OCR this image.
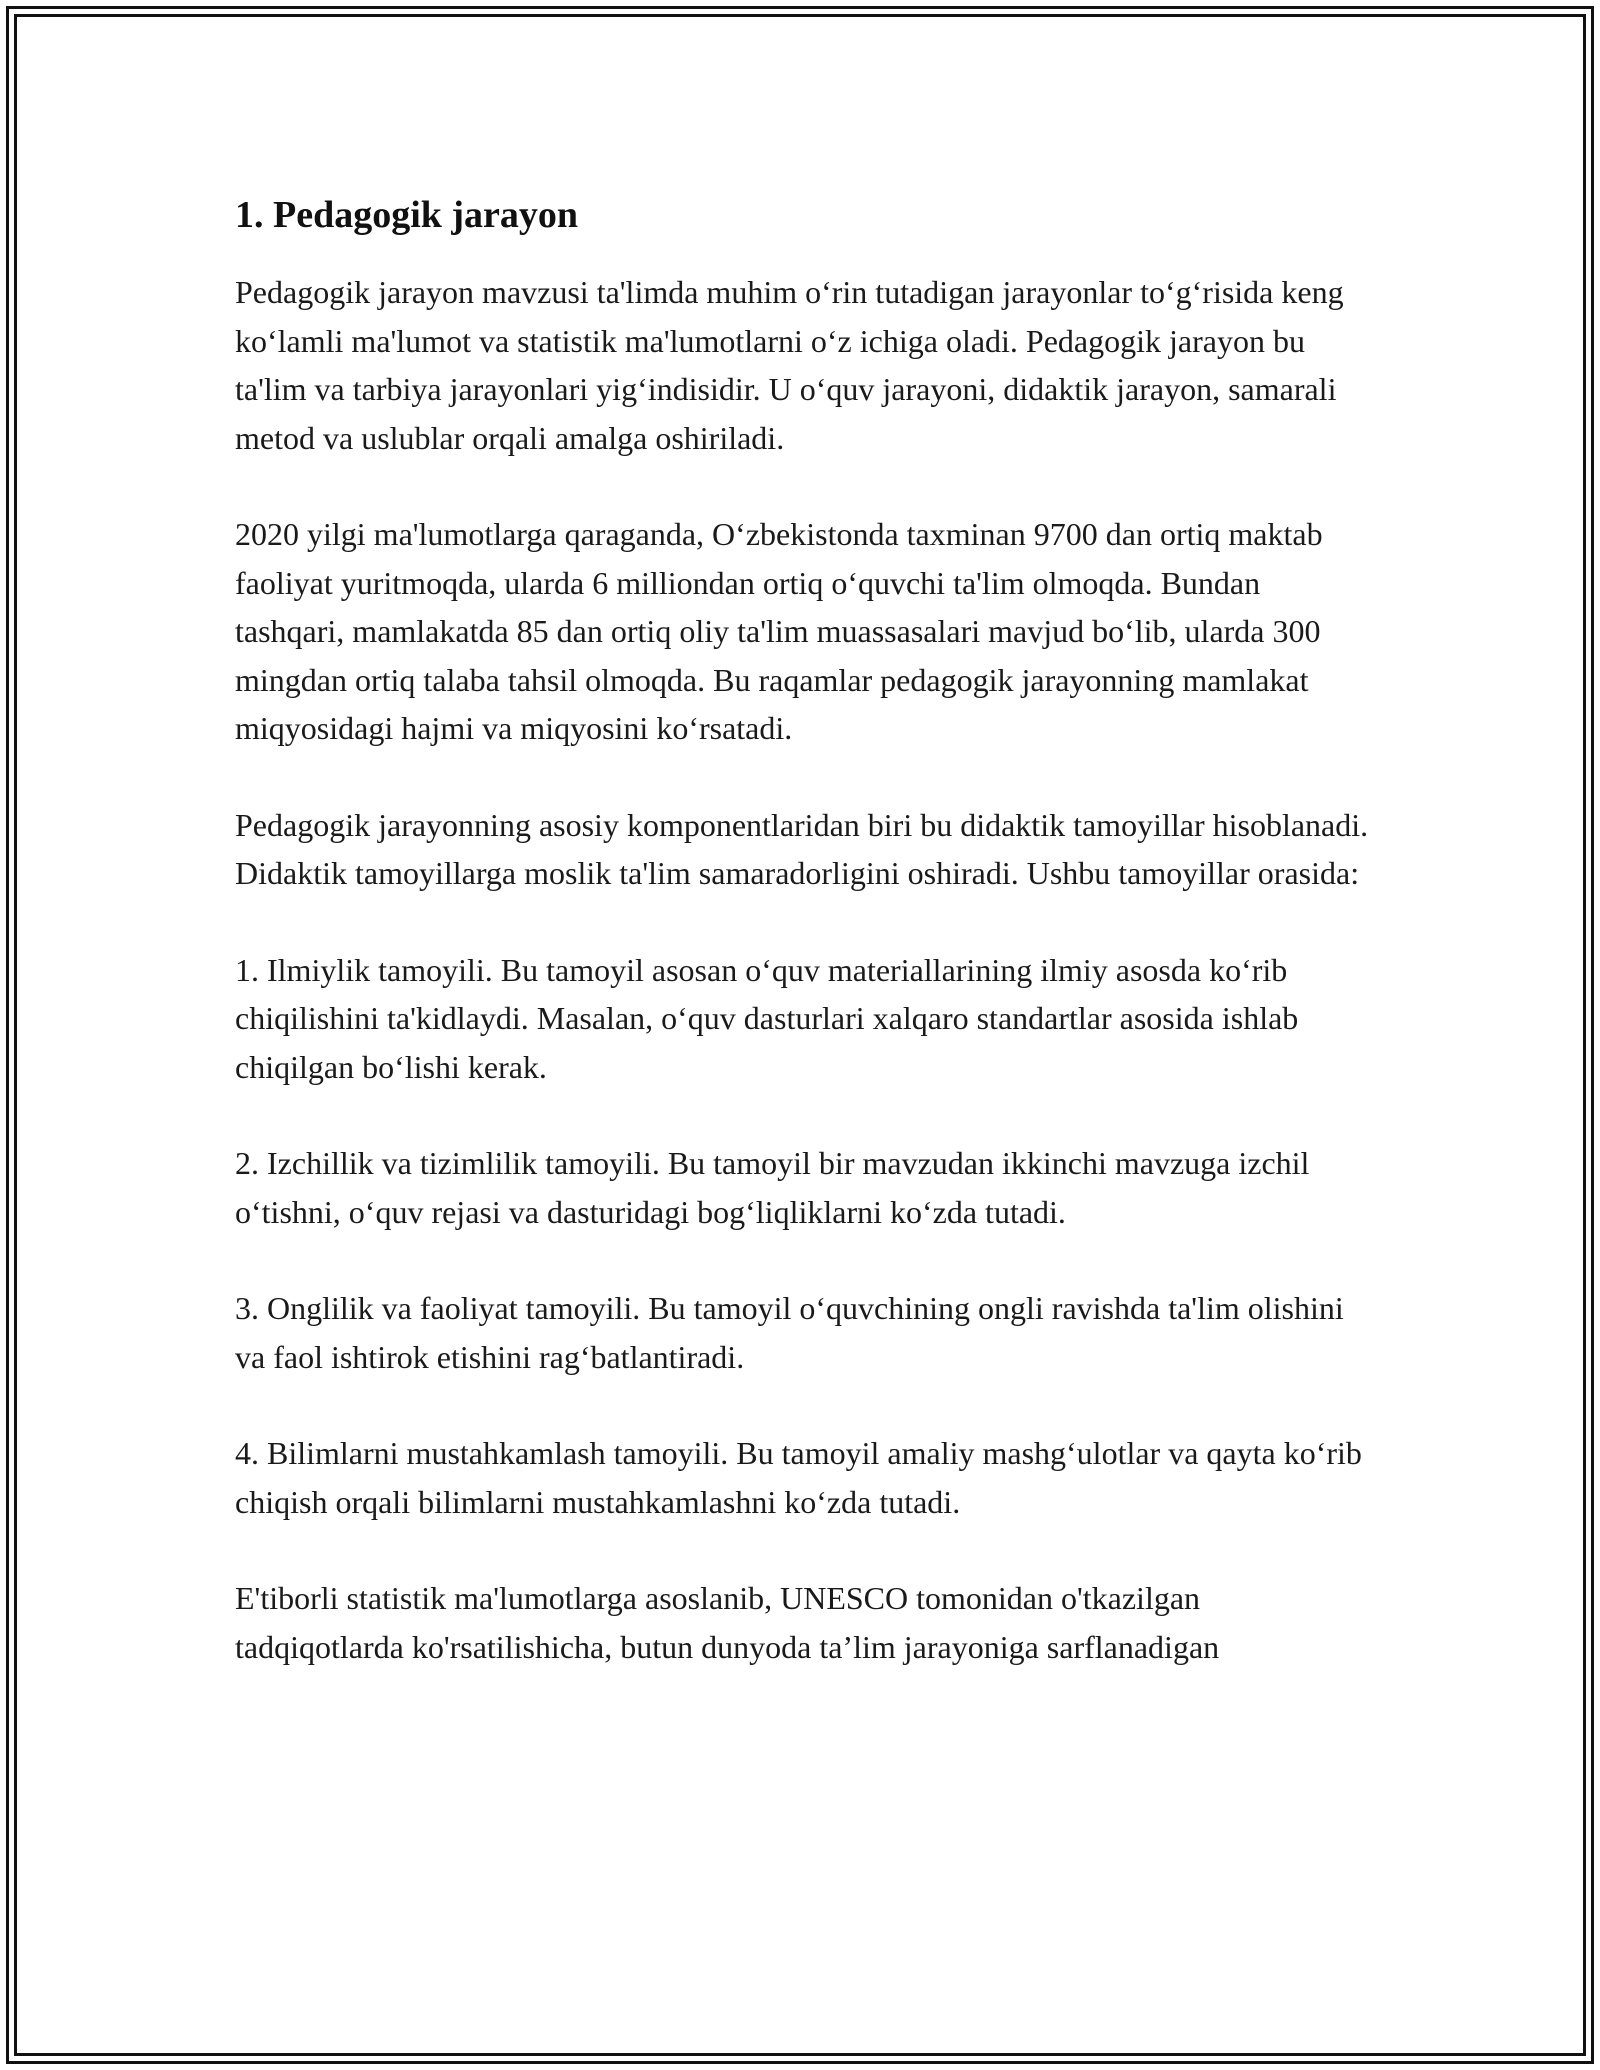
1. Pedagogik jarayon

Pedagogik jarayon mavzusi ta'limda muhim o‘rin tutadigan jarayonlar to‘g‘risida keng ko‘lamli ma'lumot va statistik ma'lumotlarni o‘z ichiga oladi. Pedagogik jarayon bu ta'lim va tarbiya jarayonlari yig‘indisidir. U o‘quv jarayoni, didaktik jarayon, samarali metod va uslublar orqali amalga oshiriladi.

2020 yilgi ma'lumotlarga qaraganda, O‘zbekistonda taxminan 9700 dan ortiq maktab faoliyat yuritmoqda, ularda 6 milliondan ortiq o‘quvchi ta'lim olmoqda. Bundan tashqari, mamlakatda 85 dan ortiq oliy ta'lim muassasalari mavjud bo‘lib, ularda 300 mingdan ortiq talaba tahsil olmoqda. Bu raqamlar pedagogik jarayonning mamlakat miqyosidagi hajmi va miqyosini ko‘rsatadi.

Pedagogik jarayonning asosiy komponentlaridan biri bu didaktik tamoyillar hisoblanadi. Didaktik tamoyillarga moslik ta'lim samaradorligini oshiradi. Ushbu tamoyillar orasida:

1. Ilmiylik tamoyili. Bu tamoyil asosan o‘quv materiallarining ilmiy asosda ko‘rib chiqilishini ta'kidlaydi. Masalan, o‘quv dasturlari xalqaro standartlar asosida ishlab chiqilgan bo‘lishi kerak.

2. Izchillik va tizimlilik tamoyili. Bu tamoyil bir mavzudan ikkinchi mavzuga izchil o‘tishni, o‘quv rejasi va dasturidagi bog‘liqliklarni ko‘zda tutadi.

3. Onglilik va faoliyat tamoyili. Bu tamoyil o‘quvchining ongli ravishda ta'lim olishini va faol ishtirok etishini rag‘batlantiradi.

4. Bilimlarni mustahkamlash tamoyili. Bu tamoyil amaliy mashg‘ulotlar va qayta ko‘rib chiqish orqali bilimlarni mustahkamlashni ko‘zda tutadi.

E'tiborli statistik ma'lumotlarga asoslanib, UNESCO tomonidan o'tkazilgan tadqiqotlarda ko'rsatilishicha, butun dunyoda ta’lim jarayoniga sarflanadigan
